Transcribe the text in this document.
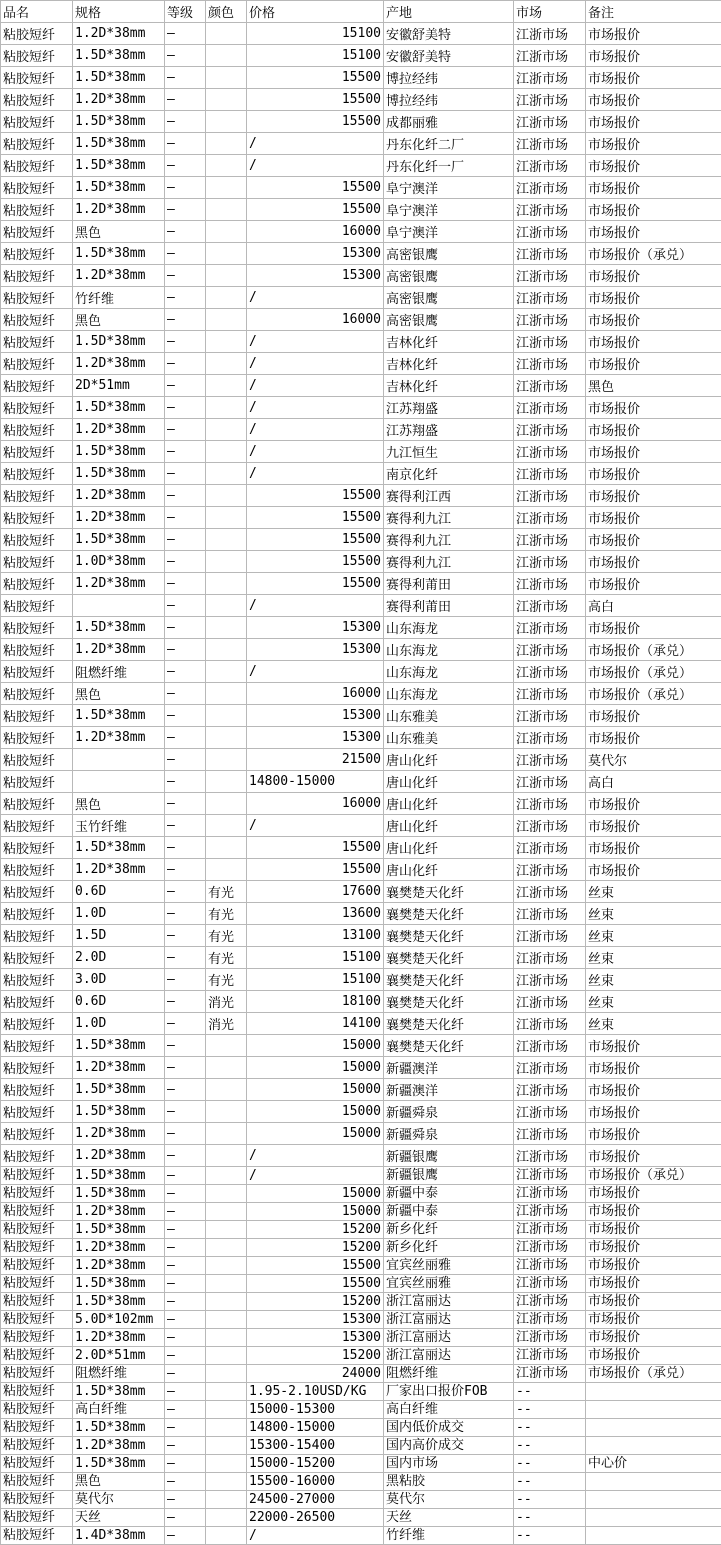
品名	规格	等级	颜色	价格	产地	市场	备注
粘胶短纤	1.2D*38mm	—		15100	安徽舒美特	江浙市场	市场报价
粘胶短纤	1.5D*38mm	—		15100	安徽舒美特	江浙市场	市场报价
粘胶短纤	1.5D*38mm	—		15500	博拉经纬	江浙市场	市场报价
粘胶短纤	1.2D*38mm	—		15500	博拉经纬	江浙市场	市场报价
粘胶短纤	1.5D*38mm	—		15500	成都丽雅	江浙市场	市场报价
粘胶短纤	1.5D*38mm	—		/	丹东化纤二厂	江浙市场	市场报价
粘胶短纤	1.5D*38mm	—		/	丹东化纤一厂	江浙市场	市场报价
粘胶短纤	1.5D*38mm	—		15500	阜宁澳洋	江浙市场	市场报价
粘胶短纤	1.2D*38mm	—		15500	阜宁澳洋	江浙市场	市场报价
粘胶短纤	黑色	—		16000	阜宁澳洋	江浙市场	市场报价
粘胶短纤	1.5D*38mm	—		15300	高密银鹰	江浙市场	市场报价（承兑）
粘胶短纤	1.2D*38mm	—		15300	高密银鹰	江浙市场	市场报价
粘胶短纤	竹纤维	—		/	高密银鹰	江浙市场	市场报价
粘胶短纤	黑色	—		16000	高密银鹰	江浙市场	市场报价
粘胶短纤	1.5D*38mm	—		/	吉林化纤	江浙市场	市场报价
粘胶短纤	1.2D*38mm	—		/	吉林化纤	江浙市场	市场报价
粘胶短纤	2D*51mm	—		/	吉林化纤	江浙市场	黑色
粘胶短纤	1.5D*38mm	—		/	江苏翔盛	江浙市场	市场报价
粘胶短纤	1.2D*38mm	—		/	江苏翔盛	江浙市场	市场报价
粘胶短纤	1.5D*38mm	—		/	九江恒生	江浙市场	市场报价
粘胶短纤	1.5D*38mm	—		/	南京化纤	江浙市场	市场报价
粘胶短纤	1.2D*38mm	—		15500	赛得利江西	江浙市场	市场报价
粘胶短纤	1.2D*38mm	—		15500	赛得利九江	江浙市场	市场报价
粘胶短纤	1.5D*38mm	—		15500	赛得利九江	江浙市场	市场报价
粘胶短纤	1.0D*38mm	—		15500	赛得利九江	江浙市场	市场报价
粘胶短纤	1.2D*38mm	—		15500	赛得利莆田	江浙市场	市场报价
粘胶短纤		—		/	赛得利莆田	江浙市场	高白
粘胶短纤	1.5D*38mm	—		15300	山东海龙	江浙市场	市场报价
粘胶短纤	1.2D*38mm	—		15300	山东海龙	江浙市场	市场报价（承兑）
粘胶短纤	阻燃纤维	—		/	山东海龙	江浙市场	市场报价（承兑）
粘胶短纤	黑色	—		16000	山东海龙	江浙市场	市场报价（承兑）
粘胶短纤	1.5D*38mm	—		15300	山东雅美	江浙市场	市场报价
粘胶短纤	1.2D*38mm	—		15300	山东雅美	江浙市场	市场报价
粘胶短纤		—		21500	唐山化纤	江浙市场	莫代尔
粘胶短纤		—		14800-15000	唐山化纤	江浙市场	高白
粘胶短纤	黑色	—		16000	唐山化纤	江浙市场	市场报价
粘胶短纤	玉竹纤维	—		/	唐山化纤	江浙市场	市场报价
粘胶短纤	1.5D*38mm	—		15500	唐山化纤	江浙市场	市场报价
粘胶短纤	1.2D*38mm	—		15500	唐山化纤	江浙市场	市场报价
粘胶短纤	0.6D	—	有光	17600	襄樊楚天化纤	江浙市场	丝束
粘胶短纤	1.0D	—	有光	13600	襄樊楚天化纤	江浙市场	丝束
粘胶短纤	1.5D	—	有光	13100	襄樊楚天化纤	江浙市场	丝束
粘胶短纤	2.0D	—	有光	15100	襄樊楚天化纤	江浙市场	丝束
粘胶短纤	3.0D	—	有光	15100	襄樊楚天化纤	江浙市场	丝束
粘胶短纤	0.6D	—	消光	18100	襄樊楚天化纤	江浙市场	丝束
粘胶短纤	1.0D	—	消光	14100	襄樊楚天化纤	江浙市场	丝束
粘胶短纤	1.5D*38mm	—		15000	襄樊楚天化纤	江浙市场	市场报价
粘胶短纤	1.2D*38mm	—		15000	新疆澳洋	江浙市场	市场报价
粘胶短纤	1.5D*38mm	—		15000	新疆澳洋	江浙市场	市场报价
粘胶短纤	1.5D*38mm	—		15000	新疆舜泉	江浙市场	市场报价
粘胶短纤	1.2D*38mm	—		15000	新疆舜泉	江浙市场	市场报价
粘胶短纤	1.2D*38mm	—		/	新疆银鹰	江浙市场	市场报价
粘胶短纤	1.5D*38mm	—		/	新疆银鹰	江浙市场	市场报价（承兑）
粘胶短纤	1.5D*38mm	—		15000	新疆中泰	江浙市场	市场报价
粘胶短纤	1.2D*38mm	—		15000	新疆中泰	江浙市场	市场报价
粘胶短纤	1.5D*38mm	—		15200	新乡化纤	江浙市场	市场报价
粘胶短纤	1.2D*38mm	—		15200	新乡化纤	江浙市场	市场报价
粘胶短纤	1.2D*38mm	—		15500	宜宾丝丽雅	江浙市场	市场报价
粘胶短纤	1.5D*38mm	—		15500	宜宾丝丽雅	江浙市场	市场报价
粘胶短纤	1.5D*38mm	—		15200	浙江富丽达	江浙市场	市场报价
粘胶短纤	5.0D*102mm	—		15300	浙江富丽达	江浙市场	市场报价
粘胶短纤	1.2D*38mm	—		15300	浙江富丽达	江浙市场	市场报价
粘胶短纤	2.0D*51mm	—		15200	浙江富丽达	江浙市场	市场报价
粘胶短纤	阻燃纤维	—		24000	阻燃纤维	江浙市场	市场报价（承兑）
粘胶短纤	1.5D*38mm	—		1.95-2.10USD/KG	厂家出口报价FOB	--	
粘胶短纤	高白纤维	—		15000-15300	高白纤维	--	
粘胶短纤	1.5D*38mm	—		14800-15000	国内低价成交	--	
粘胶短纤	1.2D*38mm	—		15300-15400	国内高价成交	--	
粘胶短纤	1.5D*38mm	—		15000-15200	国内市场	--	中心价
粘胶短纤	黑色	—		15500-16000	黑粘胶	--	
粘胶短纤	莫代尔	—		24500-27000	莫代尔	--	
粘胶短纤	天丝	—		22000-26500	天丝	--	
粘胶短纤	1.4D*38mm	—		/	竹纤维	--	
